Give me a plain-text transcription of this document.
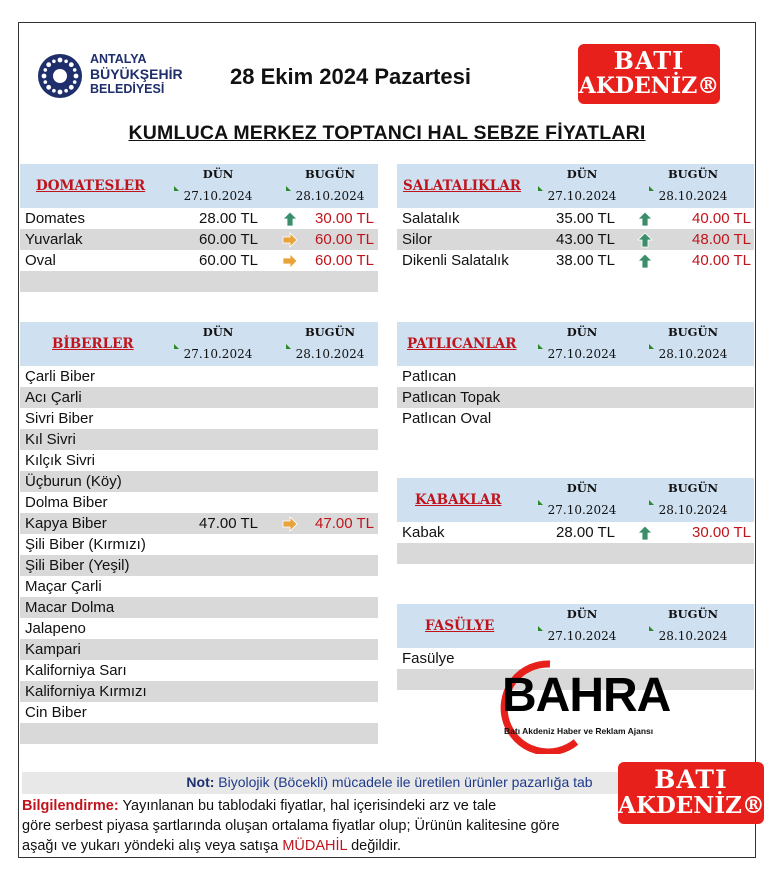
ANTALYA
BÜYÜKŞEHİR
BELEDİYESİ	28 Ekim 2024 Pazartesi
BATI
AKDENİZ®
KUMLUCA MERKEZ TOPTANCI HAL SEBZE FİYATLARI
DOMATESLER
DÜN	BUGÜN
27.10.2024	28.10.2024
Domates	28.00 TL	30.00 TL
Yuvarlak	60.00 TL	60.00 TL
Oval	60.00 TL	60.00 TL
SALATALIKLAR
DÜN	BUGÜN
27.10.2024	28.10.2024
Salatalık	35.00 TL	40.00 TL
Silor	43.00 TL	48.00 TL
Dikenli Salatalık	38.00 TL	40.00 TL
BİBERLER
DÜN	BUGÜN
27.10.2024	28.10.2024
Çarli Biber
Acı Çarli
Sivri Biber
Kıl Sivri
Kılçık Sivri
Üçburun (Köy)
Dolma Biber
Kapya Biber	47.00 TL	47.00 TL
Şili Biber (Kırmızı)
Şili Biber (Yeşil)
Maçar Çarli
Macar Dolma
Jalapeno
Kampari
Kaliforniya Sarı
Kaliforniya Kırmızı
Cin Biber
PATLICANLAR
DÜN	BUGÜN
27.10.2024	28.10.2024
Patlıcan
Patlıcan Topak
Patlıcan Oval
KABAKLAR
DÜN	BUGÜN
27.10.2024	28.10.2024
Kabak	28.00 TL	30.00 TL
FASÜLYE
DÜN	BUGÜN
27.10.2024	28.10.2024
Fasülye
BAHRA
Batı Akdeniz Haber ve Reklam Ajansı
Not: Biyolojik (Böcekli) mücadele ile üretilen ürünler pazarlığa tab
Bilgilendirme: Yayınlanan bu tablodaki fiyatlar, hal içerisindeki arz ve tale
göre serbest piyasa şartlarında oluşan ortalama fiyatlar olup; Ürünün kalitesine göre
aşağı ve yukarı yöndeki alış veya satışa MÜDAHİL değildir.
BATI
AKDENİZ®
